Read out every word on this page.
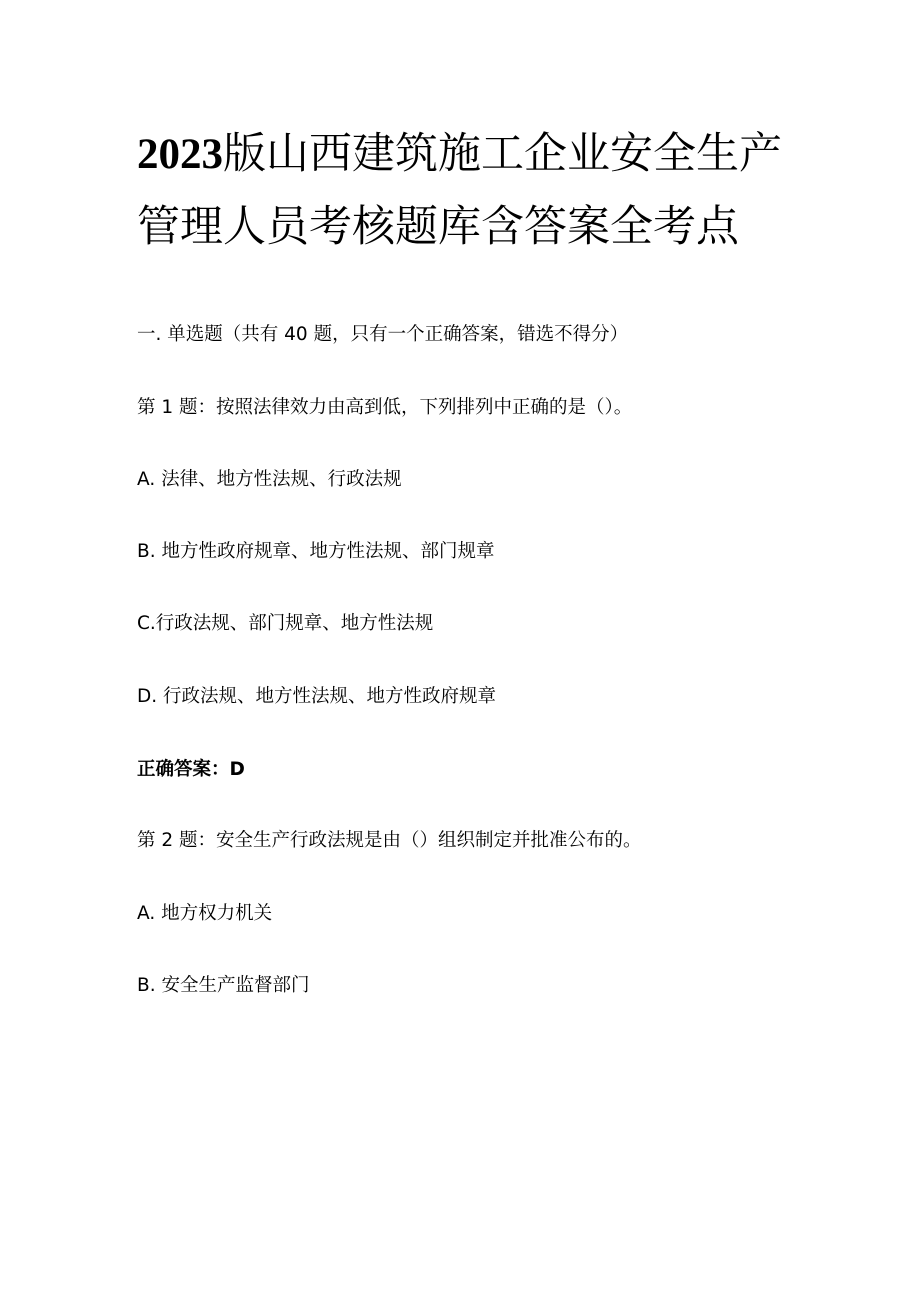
2023版山西建筑施工企业安全生产
管理人员考核题库含答案全考点
一. 单选题（共有 40 题，只有一个正确答案，错选不得分）
第 1 题：按照法律效力由高到低，下列排列中正确的是（）。
A. 法律、地方性法规、行政法规
B. 地方性政府规章、地方性法规、部门规章
C.行政法规、部门规章、地方性法规
D. 行政法规、地方性法规、地方性政府规章
正确答案：D
第 2 题：安全生产行政法规是由（）组织制定并批准公布的。
A. 地方权力机关
B. 安全生产监督部门
